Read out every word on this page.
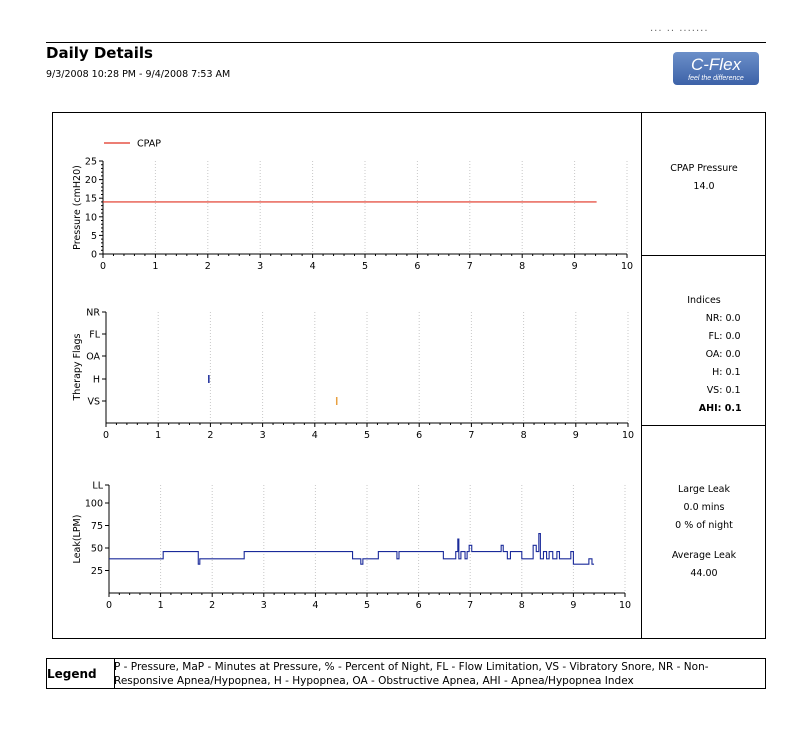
··· ·· ·······
Daily Details
9/3/2008 10:28 PM - 9/4/2008 7:53 AM
C-Flex
feel the difference
CPAP Pressure
14.0
Indices
NR: 0.0
FL: 0.0
OA: 0.0
H: 0.1
VS: 0.1
AHI: 0.1
Large Leak
0.0 mins
0 % of night
Average Leak
44.00
Legend P - Pressure, MaP - Minutes at Pressure, % - Percent of Night, FL - Flow Limitation, VS - Vibratory Snore, NR - Non-Responsive Apnea/Hypopnea, H - Hypopnea, OA - Obstructive Apnea, AHI - Apnea/Hypopnea Index
0	1	2	3	4	5	6	7	8	9	10
0
5
10
15
20
25
Pressure (cmH20)
CPAP
0	1	2	3	4	5	6	7	8	9	10
VS
H
OA
FL
NR
Therapy Flags
0	1	2	3	4	5	6	7	8	9	10
25
50
75
100
LL
Leak(LPM)
